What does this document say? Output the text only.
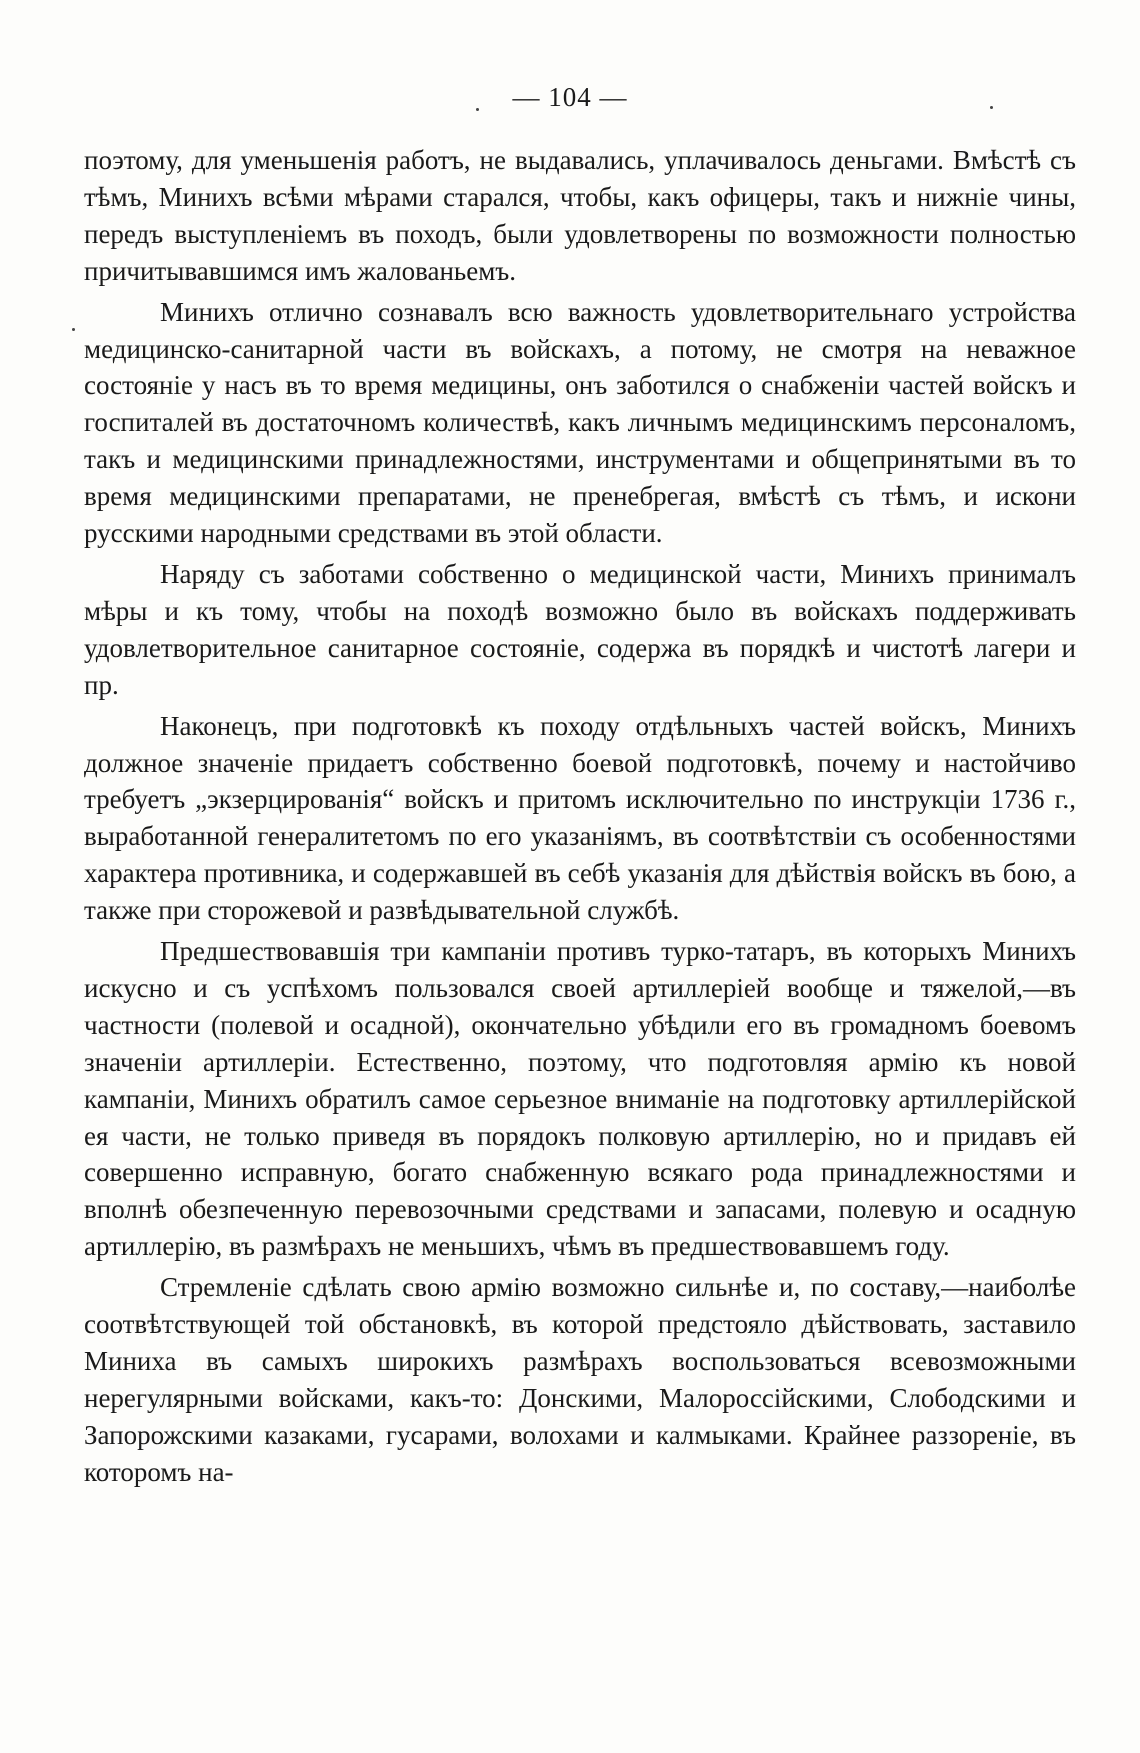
— 104 —

поэтому, для уменьшенія работъ, не выдавались, уплачивалось деньгами. Вмѣстѣ съ тѣмъ, Минихъ всѣми мѣрами старался, чтобы, какъ офицеры, такъ и нижніе чины, передъ выступленіемъ въ походъ, были удовлетворены по возможности полностью причитывавшимся имъ жалованьемъ.

Минихъ отлично сознавалъ всю важность удовлетворительнаго устройства медицинско-санитарной части въ войскахъ, а потому, не смотря на неважное состояніе у насъ въ то время медицины, онъ заботился о снабженіи частей войскъ и госпиталей въ достаточномъ количествѣ, какъ личнымъ медицинскимъ персоналомъ, такъ и медицинскими принадлежностями, инструментами и общепринятыми въ то время медицинскими препаратами, не пренебрегая, вмѣстѣ съ тѣмъ, и искони русскими народными средствами въ этой области.

Наряду съ заботами собственно о медицинской части, Минихъ принималъ мѣры и къ тому, чтобы на походѣ возможно было въ войскахъ поддерживать удовлетворительное санитарное состояніе, содержа въ порядкѣ и чистотѣ лагери и пр.

Наконецъ, при подготовкѣ къ походу отдѣльныхъ частей войскъ, Минихъ должное значеніе придаетъ собственно боевой подготовкѣ, почему и настойчиво требуетъ „экзерцированія“ войскъ и притомъ исключительно по инструкціи 1736 г., выработанной генералитетомъ по его указаніямъ, въ соотвѣтствіи съ особенностями характера противника, и содержавшей въ себѣ указанія для дѣйствія войскъ въ бою, а также при сторожевой и развѣдывательной службѣ.

Предшествовавшія три кампаніи противъ турко-татаръ, въ которыхъ Минихъ искусно и съ успѣхомъ пользовался своей артиллеріей вообще и тяжелой,—въ частности (полевой и осадной), окончательно убѣдили его въ громадномъ боевомъ значеніи артиллеріи. Естественно, поэтому, что подготовляя армію къ новой кампаніи, Минихъ обратилъ самое серьезное вниманіе на подготовку артиллерійской ея части, не только приведя въ порядокъ полковую артиллерію, но и придавъ ей совершенно исправную, богато снабженную всякаго рода принадлежностями и вполнѣ обезпеченную перевозочными средствами и запасами, полевую и осадную артиллерію, въ размѣрахъ не меньшихъ, чѣмъ въ предшествовавшемъ году.

Стремленіе сдѣлать свою армію возможно сильнѣе и, по составу,—наиболѣе соотвѣтствующей той обстановкѣ, въ которой предстояло дѣйствовать, заставило Миниха въ самыхъ широкихъ размѣрахъ воспользоваться всевозможными нерегулярными войсками, какъ-то: Донскими, Малороссійскими, Слободскими и Запорожскими казаками, гусарами, волохами и калмыками. Крайнее раззореніе, въ которомъ на-
